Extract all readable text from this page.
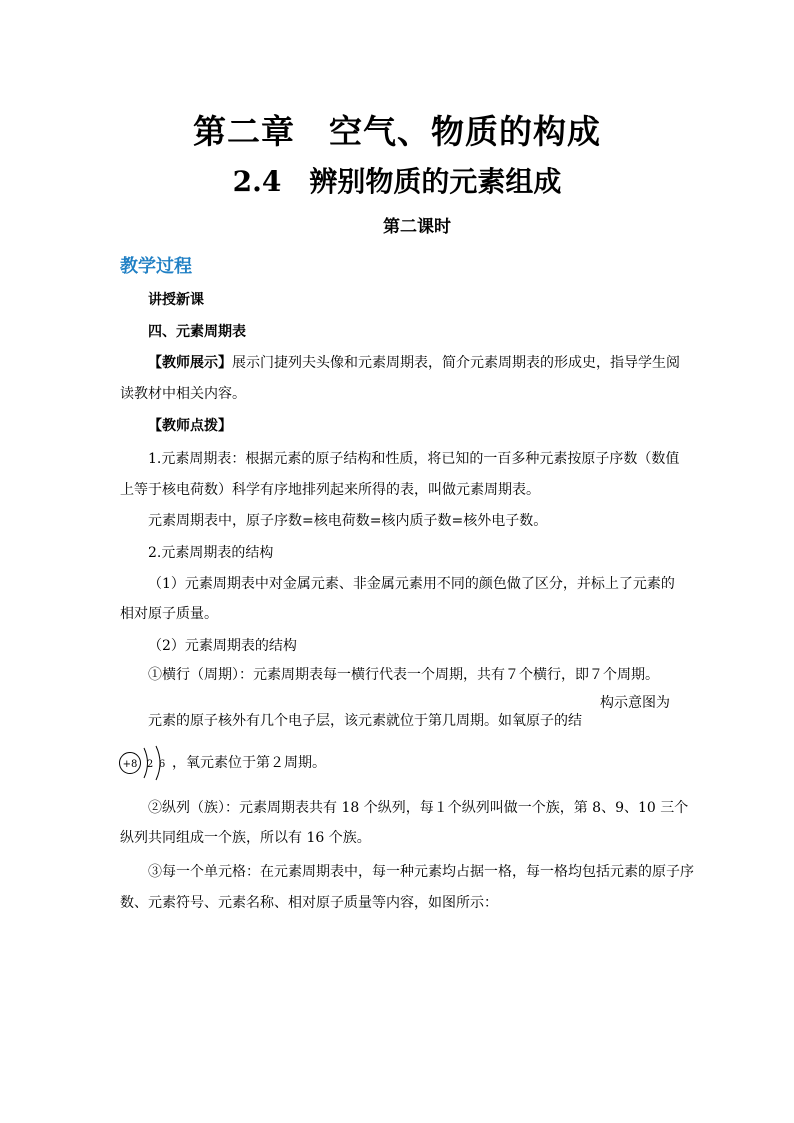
第二章　空气、物质的构成
2.4　辨别物质的元素组成
第二课时
教学过程
讲授新课
四、元素周期表
【教师展示】展示门捷列夫头像和元素周期表，简介元素周期表的形成史，指导学生阅
读教材中相关内容。
【教师点拨】
1.元素周期表：根据元素的原子结构和性质，将已知的一百多种元素按原子序数（数值
上等于核电荷数）科学有序地排列起来所得的表，叫做元素周期表。
元素周期表中，原子序数=核电荷数=核内质子数=核外电子数。
2.元素周期表的结构
（1）元素周期表中对金属元素、非金属元素用不同的颜色做了区分，并标上了元素的
相对原子质量。
（2）元素周期表的结构
①横行（周期）：元素周期表每一横行代表一个周期，共有７个横行，即７个周期。
构示意图为
元素的原子核外有几个电子层，该元素就位于第几周期。如氧原子的结
+8 2 6 ，氧元素位于第２周期。
②纵列（族）：元素周期表共有 18 个纵列，每１个纵列叫做一个族，第 8、9、10 三个
纵列共同组成一个族，所以有 16 个族。
③每一个单元格：在元素周期表中，每一种元素均占据一格，每一格均包括元素的原子序
数、元素符号、元素名称、相对原子质量等内容，如图所示：
